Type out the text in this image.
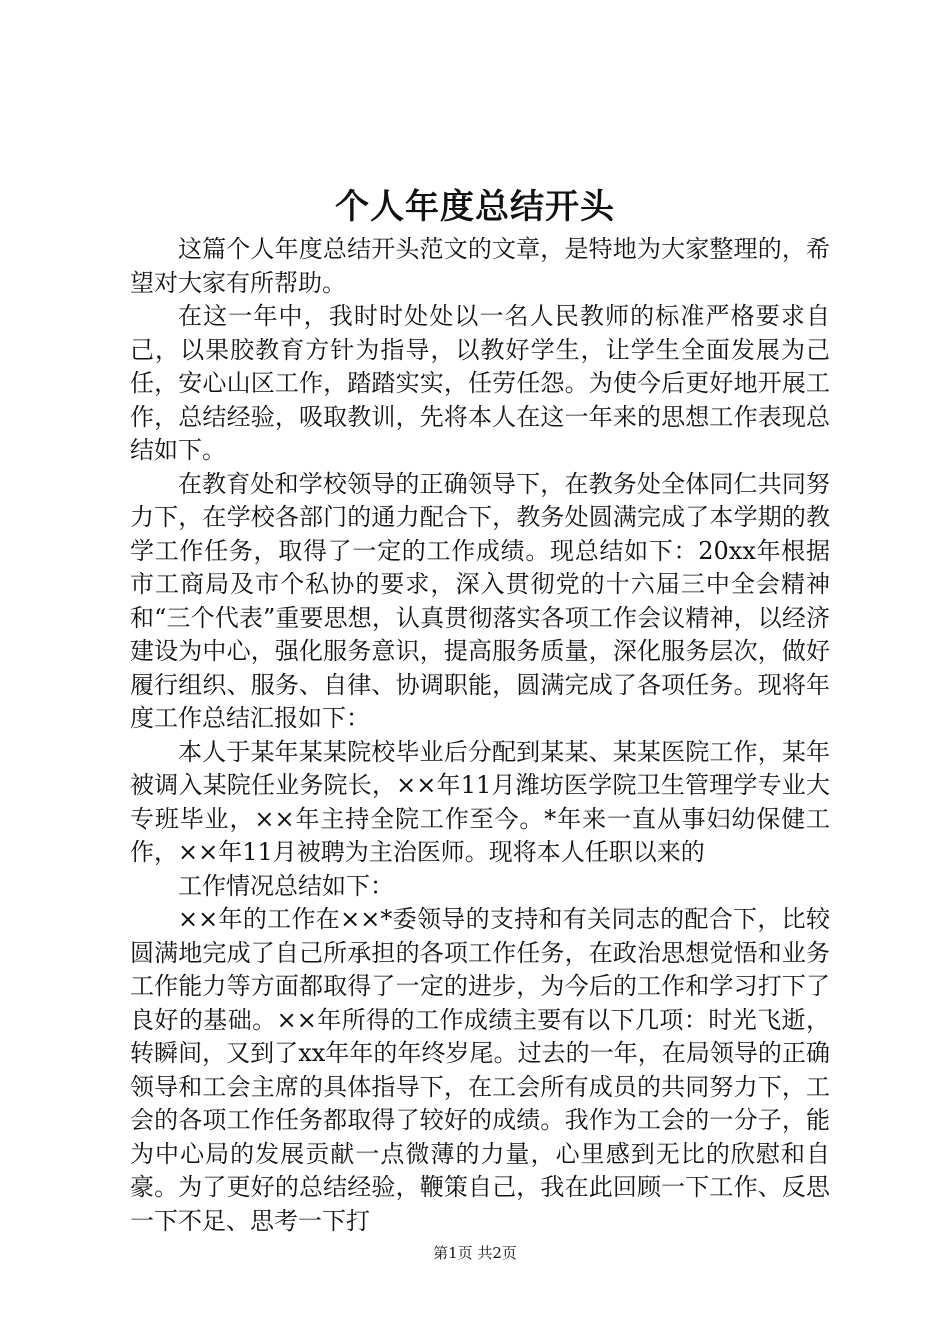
个人年度总结开头

这篇个人年度总结开头范文的文章，是特地为大家整理的，希望对大家有所帮助。

在这一年中，我时时处处以一名人民教师的标准严格要求自己，以果胶教育方针为指导，以教好学生，让学生全面发展为己任，安心山区工作，踏踏实实，任劳任怨。为使今后更好地开展工作，总结经验，吸取教训，先将本人在这一年来的思想工作表现总结如下。

在教育处和学校领导的正确领导下，在教务处全体同仁共同努力下，在学校各部门的通力配合下，教务处圆满完成了本学期的教学工作任务，取得了一定的工作成绩。现总结如下：20xx年根据市工商局及市个私协的要求，深入贯彻党的十六届三中全会精神和“三个代表”重要思想，认真贯彻落实各项工作会议精神，以经济建设为中心，强化服务意识，提高服务质量，深化服务层次，做好履行组织、服务、自律、协调职能，圆满完成了各项任务。现将年度工作总结汇报如下：

本人于某年某某院校毕业后分配到某某、某某医院工作，某年被调入某院任业务院长，××年11月潍坊医学院卫生管理学专业大专班毕业，××年主持全院工作至今。*年来一直从事妇幼保健工作，××年11月被聘为主治医师。现将本人任职以来的

工作情况总结如下：

××年的工作在××*委领导的支持和有关同志的配合下，比较圆满地完成了自己所承担的各项工作任务，在政治思想觉悟和业务工作能力等方面都取得了一定的进步，为今后的工作和学习打下了良好的基础。××年所得的工作成绩主要有以下几项：时光飞逝，转瞬间，又到了xx年年的年终岁尾。过去的一年，在局领导的正确领导和工会主席的具体指导下，在工会所有成员的共同努力下，工会的各项工作任务都取得了较好的成绩。我作为工会的一分子，能为中心局的发展贡献一点微薄的力量，心里感到无比的欣慰和自豪。为了更好的总结经验，鞭策自己，我在此回顾一下工作、反思一下不足、思考一下打

第1页 共2页
